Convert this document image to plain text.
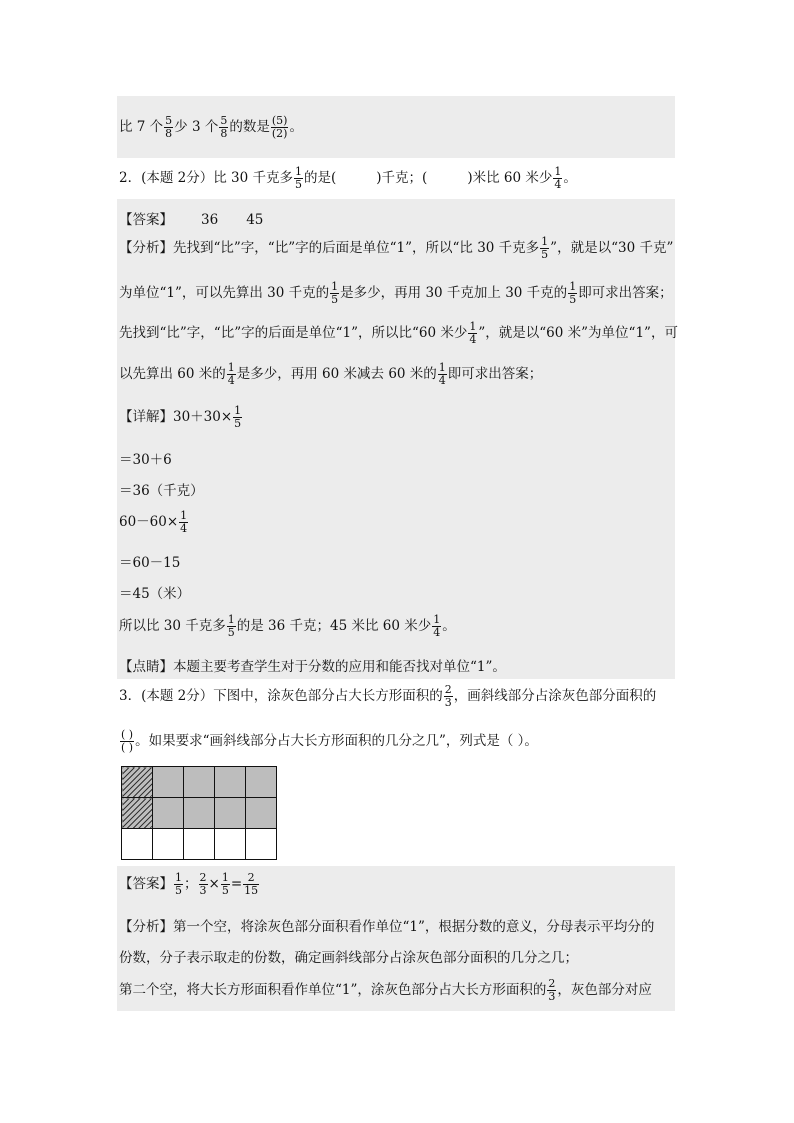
比 7 个 $\frac{5}{8}$ 少 3 个 $\frac{5}{8}$ 的数是 $\frac{(5)}{(2)}$ 。
2．(本题 2分）比 30 千克多 $\frac{1}{5}$ 的是(	)千克；(	)米比 60 米少 $\frac{1}{4}$ 。
【答案】 36 45
【分析】先找到“比”字，“比”字的后面是单位“1”，所以“比 30 千克多 $\frac{1}{5}$ ”，就是以“30 千克”
为单位“1”，可以先算出 30 千克的 $\frac{1}{5}$ 是多少，再用 30 千克加上 30 千克的 $\frac{1}{5}$ 即可求出答案；
先找到“比”字，“比”字的后面是单位“1”，所以比“60 米少 $\frac{1}{4}$ ”，就是以“60 米”为单位“1”，可
以先算出 60 米的 $\frac{1}{4}$ 是多少，再用 60 米减去 60 米的 $\frac{1}{4}$ 即可求出答案；
【详解】$30+30\times \frac{1}{5}$
＝30＋6
＝36（千克）
$60-60\times \frac{1}{4}$
＝60－15
＝45（米）
所以比 30 千克多 $\frac{1}{5}$ 的是 36 千克；45 米比 60 米少 $\frac{1}{4}$ 。
【点睛】本题主要考查学生对于分数的应用和能否找对单位“1”。
3．(本题 2分）下图中，涂灰色部分占大长方形面积的 $\frac{2}{3}$ ，画斜线部分占涂灰色部分面积的
$\frac{( )}{( )}$ 。如果要求“画斜线部分占大长方形面积的几分之几”，列式是（ ）。

【答案】 $\frac{1}{5}$ ； $\frac{2}{3} \times \frac{1}{5} = \frac{2}{15}$
【分析】第一个空，将涂灰色部分面积看作单位“1”，根据分数的意义，分母表示平均分的
份数，分子表示取走的份数，确定画斜线部分占涂灰色部分面积的几分之几；
第二个空，将大长方形面积看作单位“1”，涂灰色部分占大长方形面积的 $\frac{2}{3}$ ，灰色部分对应
